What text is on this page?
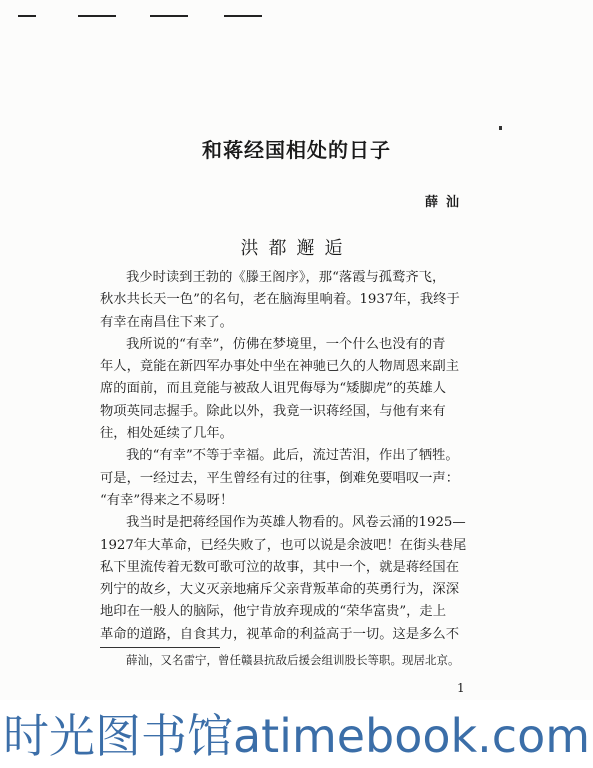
和蒋经国相处的日子
薛汕
洪都邂逅
我少时读到王勃的《滕王阁序》，那“落霞与孤鹜齐飞，
秋水共长天一色”的名句，老在脑海里响着。1937年，我终于
有幸在南昌住下来了。
我所说的“有幸”，仿佛在梦境里，一个什么也没有的青
年人，竟能在新四军办事处中坐在神驰已久的人物周恩来副主
席的面前，而且竟能与被敌人诅咒侮辱为“矮脚虎”的英雄人
物项英同志握手。除此以外，我竟一识蒋经国，与他有来有
往，相处延续了几年。
我的“有幸”不等于幸福。此后，流过苦泪，作出了牺牲。
可是，一经过去，平生曾经有过的往事，倒难免要唱叹一声：
“有幸”得来之不易呀！
我当时是把蒋经国作为英雄人物看的。风卷云涌的1925—
1927年大革命，已经失败了，也可以说是余波吧！在街头巷尾
私下里流传着无数可歌可泣的故事，其中一个，就是蒋经国在
列宁的故乡，大义灭亲地痛斥父亲背叛革命的英勇行为，深深
地印在一般人的脑际，他宁肯放弃现成的“荣华富贵”，走上
革命的道路，自食其力，视革命的利益高于一切。这是多么不
薛汕，又名雷宁，曾任赣县抗敌后援会组训股长等职。现居北京。
1
时光图书馆atimebook.com
